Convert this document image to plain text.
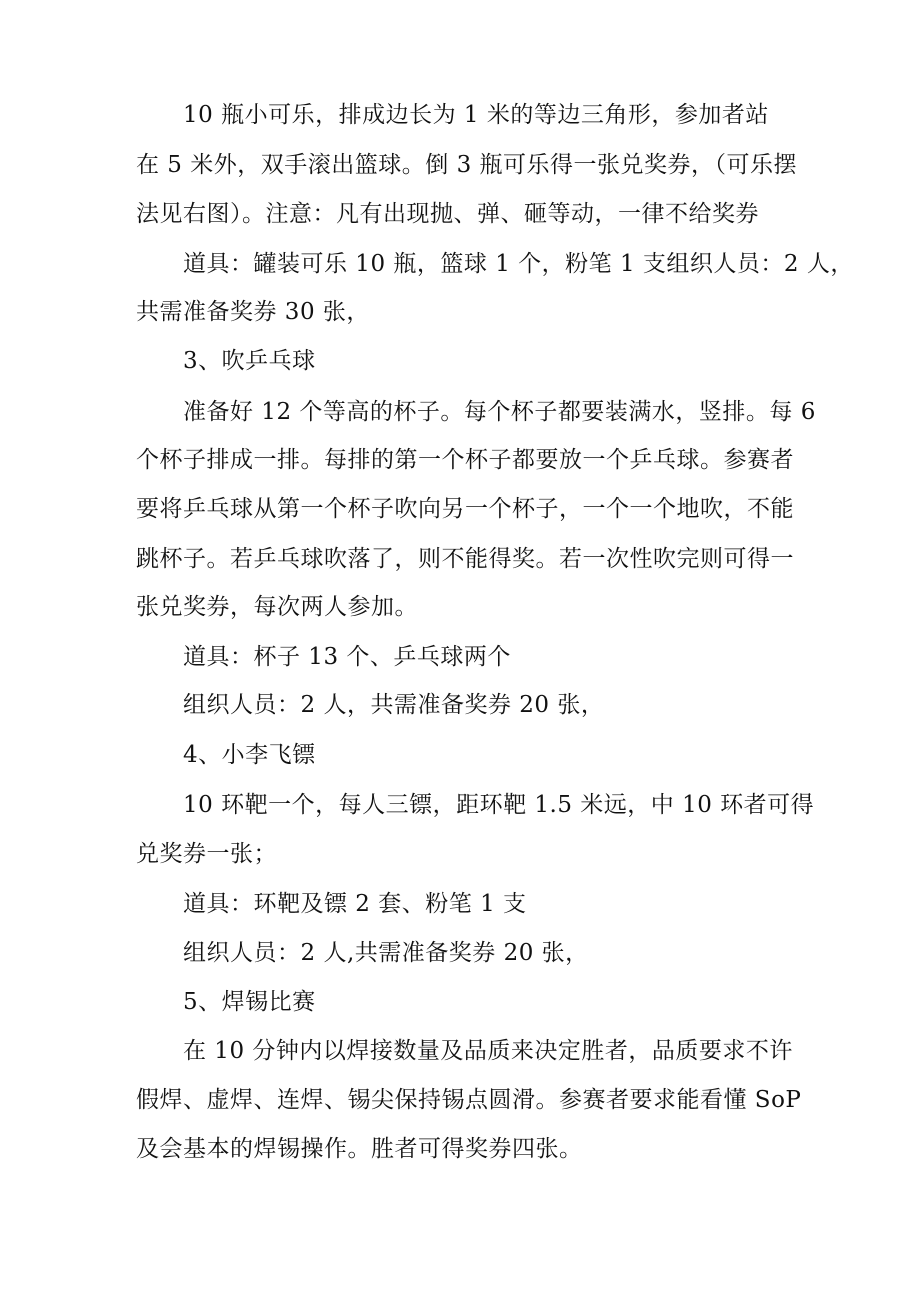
10 瓶小可乐，排成边长为 1 米的等边三角形，参加者站
在 5 米外，双手滚出篮球。倒 3 瓶可乐得一张兑奖券，（可乐摆
法见右图）。注意：凡有出现抛、弹、砸等动，一律不给奖券
道具：罐装可乐 10 瓶，篮球 1 个，粉笔 1 支组织人员：2 人，
共需准备奖券 30 张，
3、吹乒乓球
准备好 12 个等高的杯子。每个杯子都要装满水，竖排。每 6
个杯子排成一排。每排的第一个杯子都要放一个乒乓球。参赛者
要将乒乓球从第一个杯子吹向另一个杯子，一个一个地吹，不能
跳杯子。若乒乓球吹落了，则不能得奖。若一次性吹完则可得一
张兑奖券，每次两人参加。
道具：杯子 13 个、乒乓球两个
组织人员：2 人，共需准备奖券 20 张，
4、小李飞镖
10 环靶一个，每人三镖，距环靶 1.5 米远，中 10 环者可得
兑奖券一张；
道具：环靶及镖 2 套、粉笔 1 支
组织人员：2 人,共需准备奖券 20 张，
5、焊锡比赛
在 10 分钟内以焊接数量及品质来决定胜者，品质要求不许
假焊、虚焊、连焊、锡尖保持锡点圆滑。参赛者要求能看懂 SoP
及会基本的焊锡操作。胜者可得奖券四张。
